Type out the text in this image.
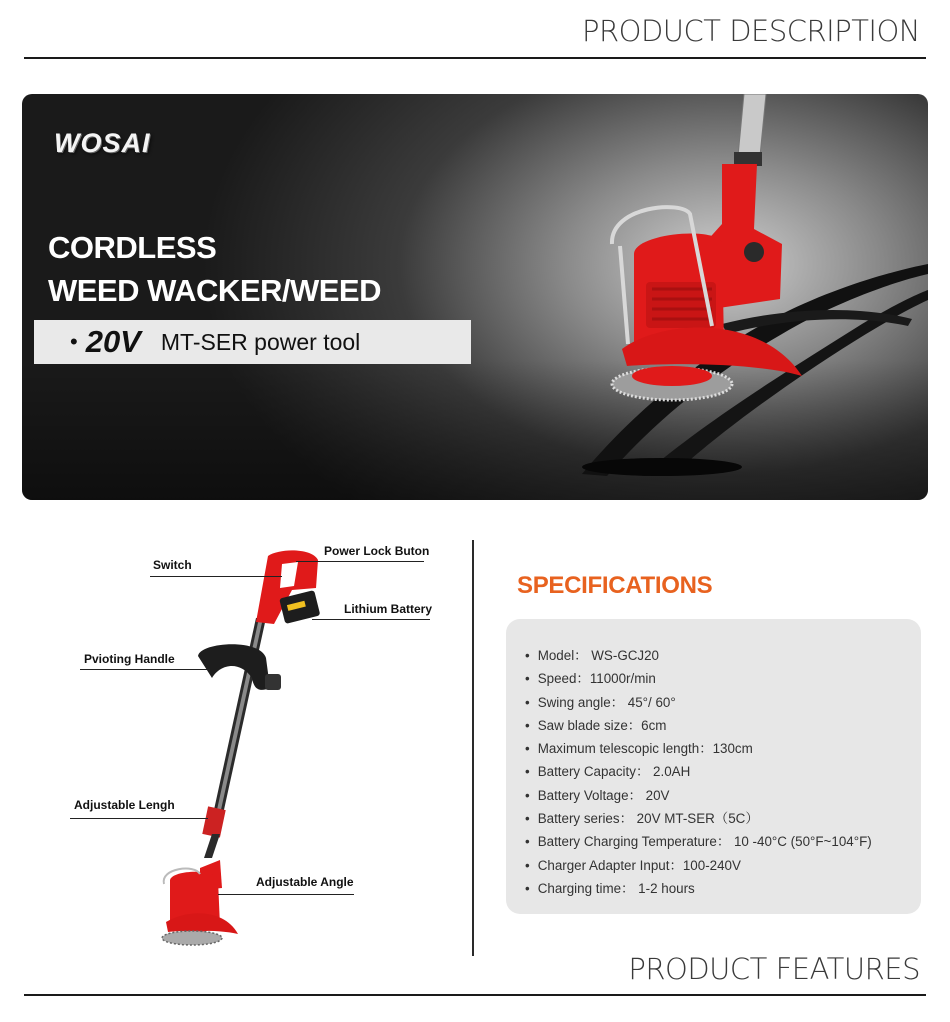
PRODUCT DESCRIPTION
WOSAI
CORDLESS
WEED WACKER/WEED
• 20V MT-SER power tool
Switch
Power Lock Buton
Lithium Battery
Pvioting Handle
Adjustable Lengh
Adjustable Angle
SPECIFICATIONS
• Model： WS-GCJ20
• Speed：11000r/min
• Swing angle： 45°/ 60°
• Saw blade size：6cm
• Maximum telescopic length：130cm
• Battery Capacity： 2.0AH
• Battery Voltage： 20V
• Battery series： 20V MT-SER（5C）
• Battery Charging Temperature： 10 -40°C (50°F~104°F)
• Charger Adapter Input：100-240V
• Charging time： 1-2 hours
PRODUCT FEATURES
